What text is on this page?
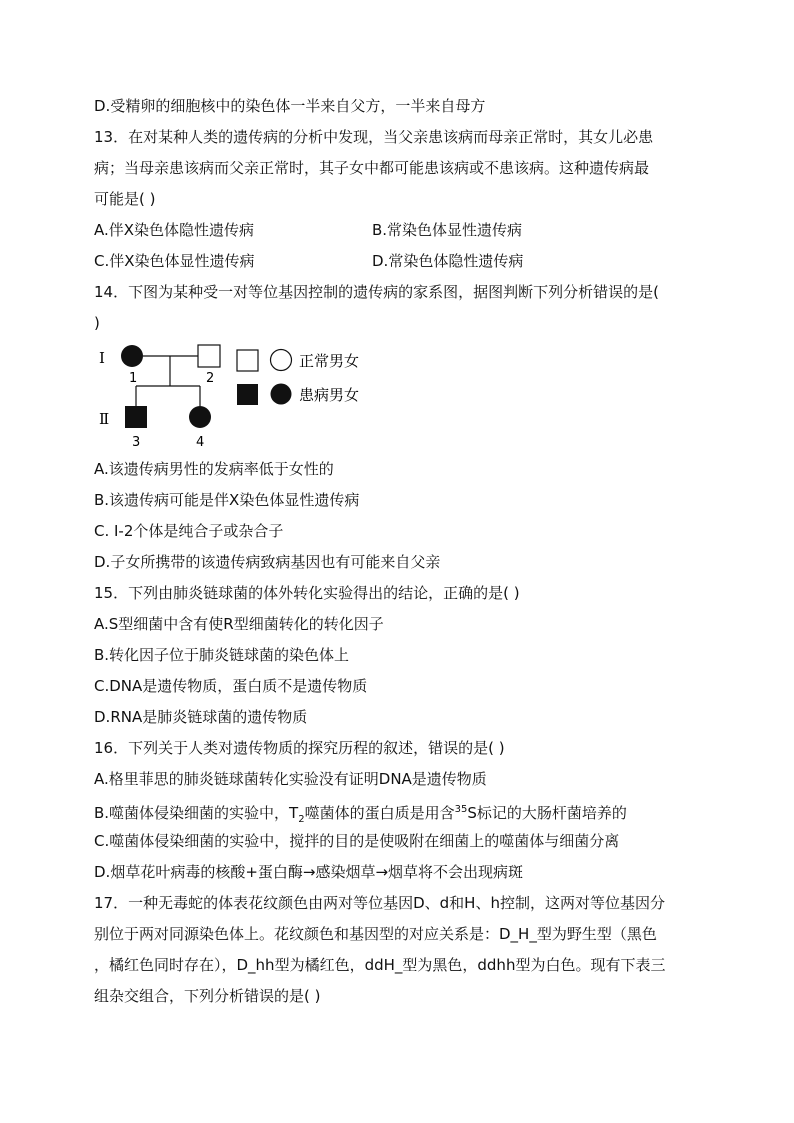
D.受精卵的细胞核中的染色体一半来自父方，一半来自母方
13．在对某种人类的遗传病的分析中发现，当父亲患该病而母亲正常时，其女儿必患
病；当母亲患该病而父亲正常时，其子女中都可能患该病或不患该病。这种遗传病最
可能是( )
A.伴X染色体隐性遗传病	B.常染色体显性遗传病
C.伴X染色体显性遗传病	D.常染色体隐性遗传病
14．下图为某种受一对等位基因控制的遗传病的家系图，据图判断下列分析错误的是(
)
Ⅰ
1	2
Ⅱ
3	4
正常男女
患病男女
A.该遗传病男性的发病率低于女性的
B.该遗传病可能是伴X染色体显性遗传病
C. Ⅰ-2个体是纯合子或杂合子
D.子女所携带的该遗传病致病基因也有可能来自父亲
15．下列由肺炎链球菌的体外转化实验得出的结论，正确的是( )
A.S型细菌中含有使R型细菌转化的转化因子
B.转化因子位于肺炎链球菌的染色体上
C.DNA是遗传物质，蛋白质不是遗传物质
D.RNA是肺炎链球菌的遗传物质
16．下列关于人类对遗传物质的探究历程的叙述，错误的是( )
A.格里菲思的肺炎链球菌转化实验没有证明DNA是遗传物质
B.噬菌体侵染细菌的实验中，$T_2$噬菌体的蛋白质是用含$^{35}$S标记的大肠杆菌培养的
C.噬菌体侵染细菌的实验中，搅拌的目的是使吸附在细菌上的噬菌体与细菌分离
D.烟草花叶病毒的核酸+蛋白酶→感染烟草→烟草将不会出现病斑
17．一种无毒蛇的体表花纹颜色由两对等位基因D、d和H、h控制，这两对等位基因分
别位于两对同源染色体上。花纹颜色和基因型的对应关系是：D_H_型为野生型（黑色
，橘红色同时存在），D_hh型为橘红色，ddH_型为黑色，ddhh型为白色。现有下表三
组杂交组合，下列分析错误的是( )
